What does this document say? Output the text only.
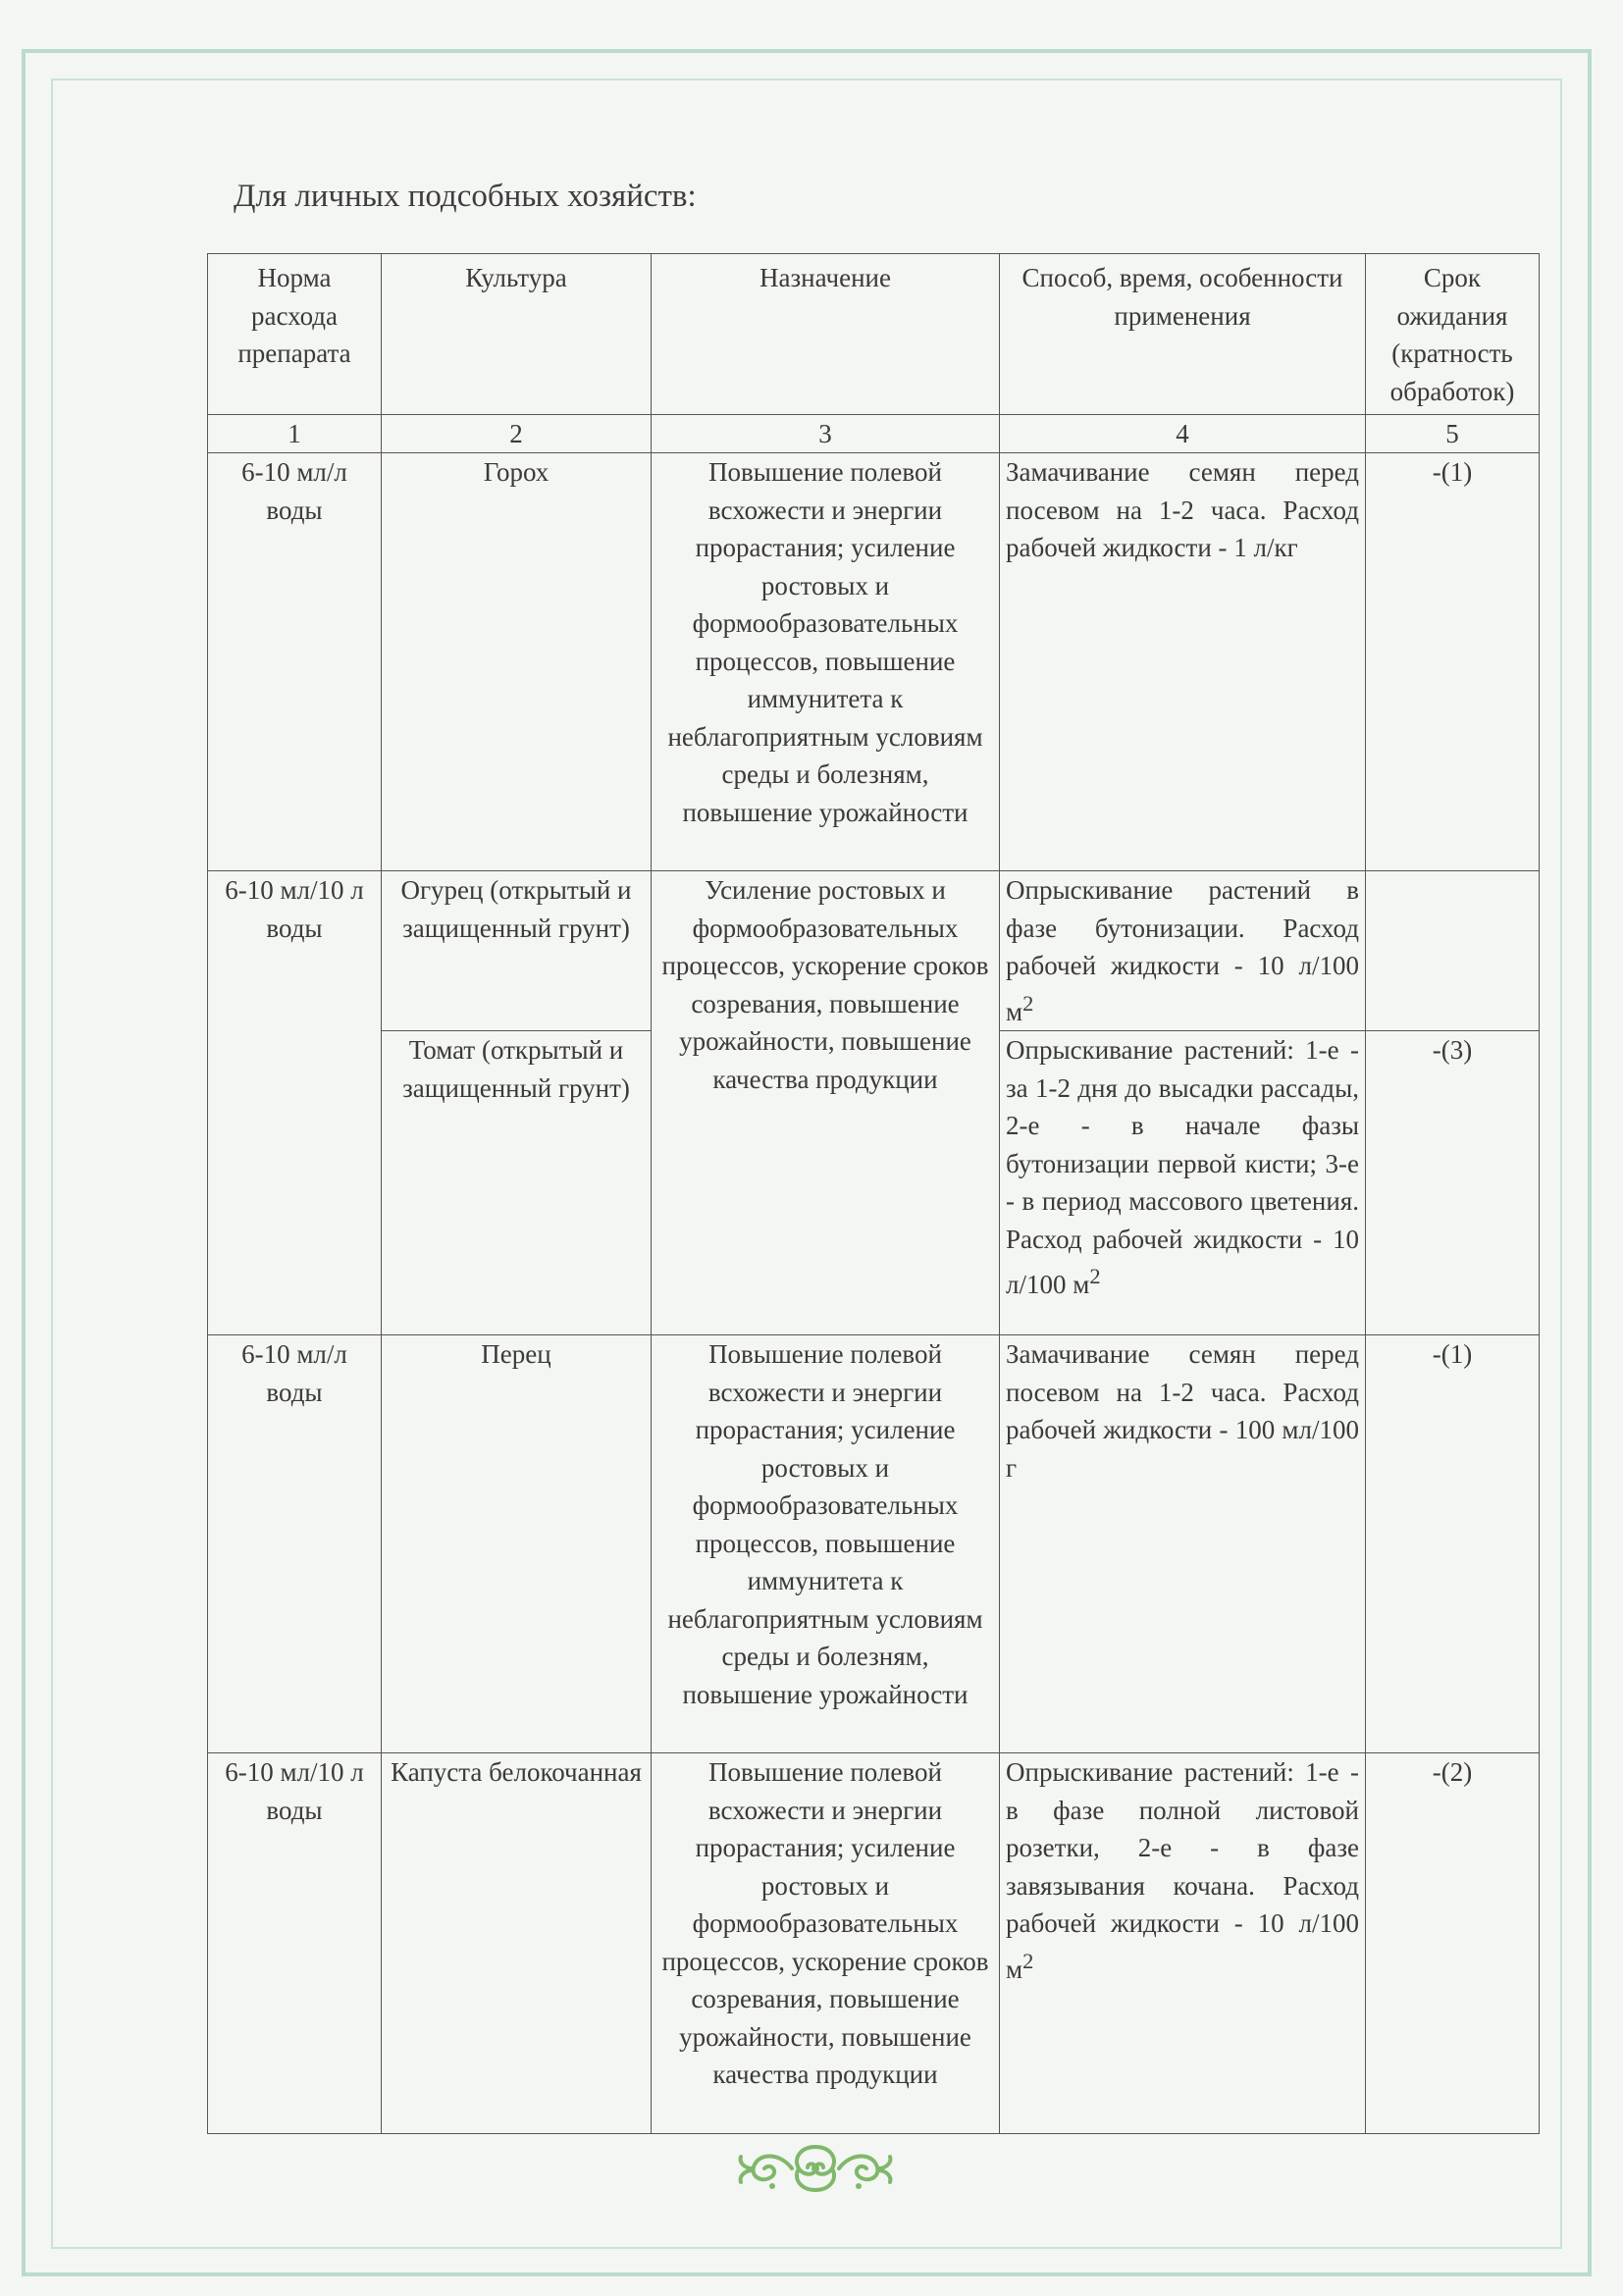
Для личных подсобных хозяйств:
Норма расхода препарата	Культура	Назначение	Способ, время, особенности применения	Срок ожидания (кратность обработок)
1	2	3	4	5
6-10 мл/л воды	Горох	Повышение полевой всхожести и энергии прорастания; усиление ростовых и формообразовательных процессов, повышение иммунитета к неблагоприятным условиям среды и болезням, повышение урожайности	Замачивание семян перед посевом на 1-2 часа. Расход рабочей жидкости - 1 л/кг	-(1)
6-10 мл/10 л воды	Огурец (открытый и защищенный грунт)	Усиление ростовых и формообразовательных процессов, ускорение сроков созревания, повышение урожайности, повышение качества продукции	Опрыскивание растений в фазе бутонизации. Расход рабочей жидкости - 10 л/100 $м^2$	
	Томат (открытый и защищенный грунт)		Опрыскивание растений: 1-е - за 1-2 дня до высадки рассады, 2-е - в начале фазы бутонизации первой кисти; 3-е - в период массового цветения. Расход рабочей жидкости - 10 л/100 $м^2$	-(3)
6-10 мл/л воды	Перец	Повышение полевой всхожести и энергии прорастания; усиление ростовых и формообразовательных процессов, повышение иммунитета к неблагоприятным условиям среды и болезням, повышение урожайности	Замачивание семян перед посевом на 1-2 часа. Расход рабочей жидкости - 100 мл/100 г	-(1)
6-10 мл/10 л воды	Капуста белокочанная	Повышение полевой всхожести и энергии прорастания; усиление ростовых и формообразовательных процессов, ускорение сроков созревания, повышение урожайности, повышение качества продукции	Опрыскивание растений: 1-е - в фазе полной листовой розетки, 2-е - в фазе завязывания кочана. Расход рабочей жидкости - 10 л/100 $м^2$	-(2)
